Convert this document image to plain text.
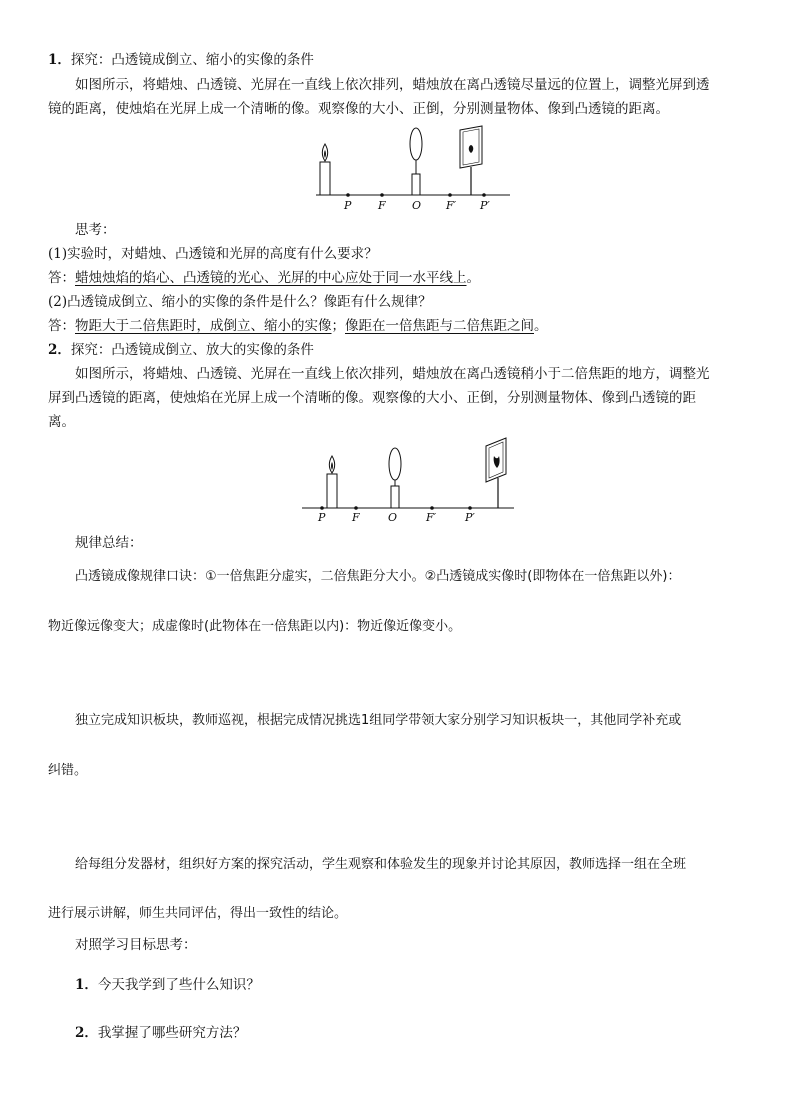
1．探究：凸透镜成倒立、缩小的实像的条件
如图所示，将蜡烛、凸透镜、光屏在一直线上依次排列，蜡烛放在离凸透镜尽量远的位置上，调整光屏到透
镜的距离，使烛焰在光屏上成一个清晰的像。观察像的大小、正倒，分别测量物体、像到凸透镜的距离。
P F O F′ P′
思考：
(1)实验时，对蜡烛、凸透镜和光屏的高度有什么要求？
答：蜡烛烛焰的焰心、凸透镜的光心、光屏的中心应处于同一水平线上。
(2)凸透镜成倒立、缩小的实像的条件是什么？像距有什么规律？
答：物距大于二倍焦距时，成倒立、缩小的实像；像距在一倍焦距与二倍焦距之间。
2．探究：凸透镜成倒立、放大的实像的条件
如图所示，将蜡烛、凸透镜、光屏在一直线上依次排列，蜡烛放在离凸透镜稍小于二倍焦距的地方，调整光
屏到凸透镜的距离，使烛焰在光屏上成一个清晰的像。观察像的大小、正倒，分别测量物体、像到凸透镜的距
离。
P F	O	F′	P′
规律总结：
凸透镜成像规律口诀：①一倍焦距分虚实，二倍焦距分大小。②凸透镜成实像时(即物体在一倍焦距以外)：
物近像远像变大；成虚像时(此物体在一倍焦距以内)：物近像近像变小。
独立完成知识板块，教师巡视，根据完成情况挑选1组同学带领大家分别学习知识板块一，其他同学补充或
纠错。
给每组分发器材，组织好方案的探究活动，学生观察和体验发生的现象并讨论其原因，教师选择一组在全班
进行展示讲解，师生共同评估，得出一致性的结论。
对照学习目标思考：
1．今天我学到了些什么知识？
2．我掌握了哪些研究方法？
